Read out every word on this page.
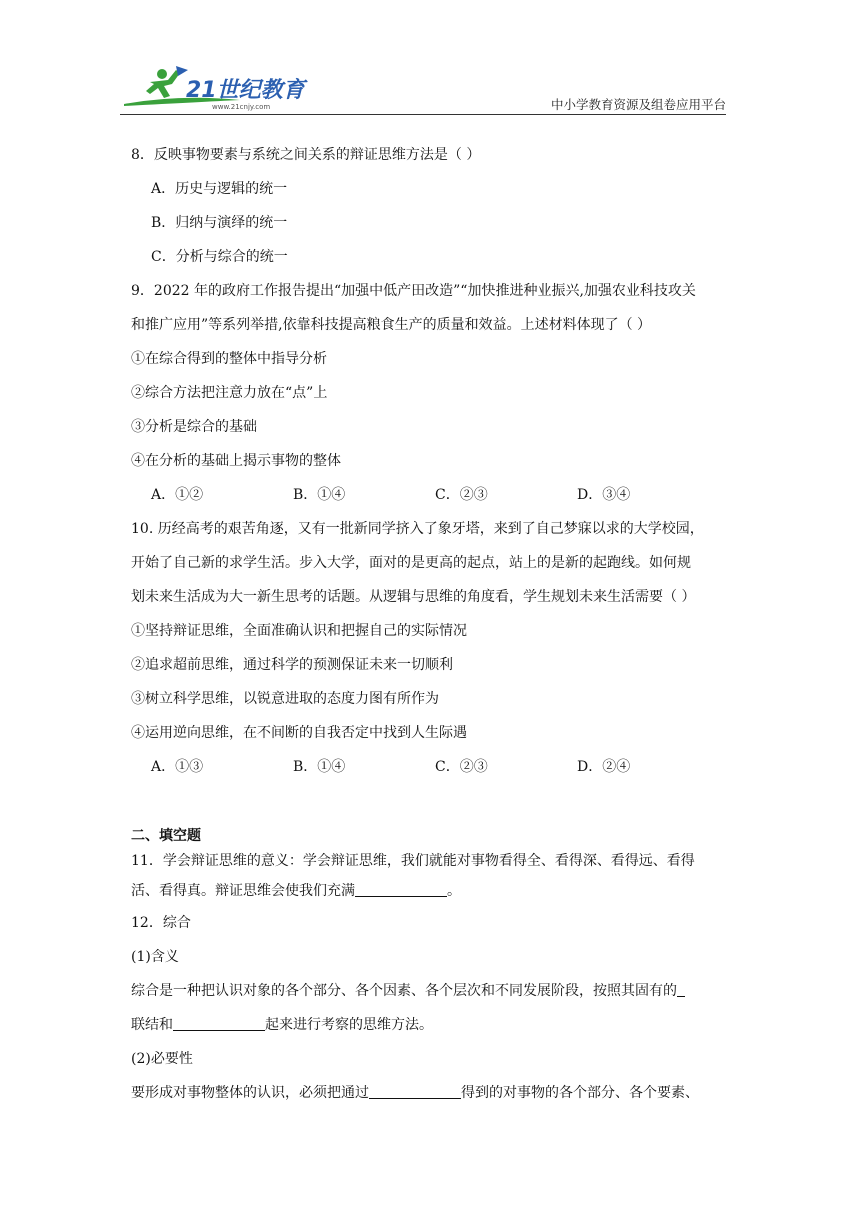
21世纪教育
www.21cnjy.com	中小学教育资源及组卷应用平台

8．反映事物要素与系统之间关系的辩证思维方法是（ ）

A．历史与逻辑的统一

B．归纳与演绎的统一

C．分析与综合的统一

9．2022 年的政府工作报告提出“加强中低产田改造”“加快推进种业振兴,加强农业科技攻关

和推广应用”等系列举措,依靠科技提高粮食生产的质量和效益。上述材料体现了（ ）

①在综合得到的整体中指导分析

②综合方法把注意力放在“点”上

③分析是综合的基础

④在分析的基础上揭示事物的整体

A．①②	B．①④	C．②③	D．③④

10. 历经高考的艰苦角逐，又有一批新同学挤入了象牙塔，来到了自己梦寐以求的大学校园，

开始了自己新的求学生活。步入大学，面对的是更高的起点，站上的是新的起跑线。如何规

划未来生活成为大一新生思考的话题。从逻辑与思维的角度看，学生规划未来生活需要（ ）

①坚持辩证思维，全面准确认识和把握自己的实际情况

②追求超前思维，通过科学的预测保证未来一切顺利

③树立科学思维，以锐意进取的态度力图有所作为

④运用逆向思维，在不间断的自我否定中找到人生际遇

A．①③	B．①④	C．②③	D．②④
二、填空题

11．学会辩证思维的意义：学会辩证思维，我们就能对事物看得全、看得深、看得远、看得

活、看得真。辩证思维会使我们充满	。

12．综合

(1)含义

综合是一种把认识对象的各个部分、各个因素、各个层次和不同发展阶段，按照其固有的

联结和	起来进行考察的思维方法。

(2)必要性

要形成对事物整体的认识，必须把通过	得到的对事物的各个部分、各个要素、
